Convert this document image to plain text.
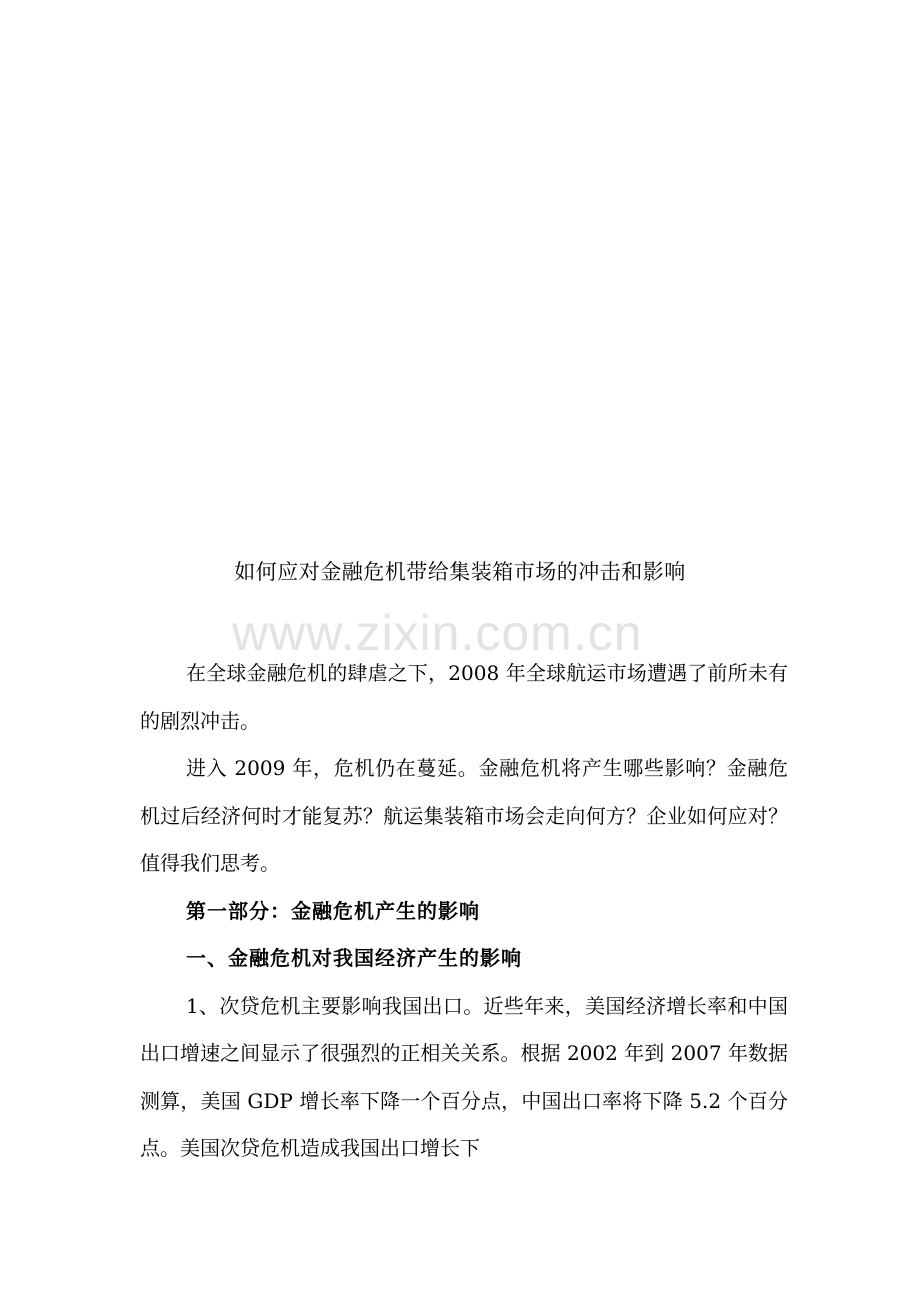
如何应对金融危机带给集装箱市场的冲击和影响
www.zixin.com.cn

在全球金融危机的肆虐之下，2008 年全球航运市场遭遇了前所未有的剧烈冲击。

进入 2009 年，危机仍在蔓延。金融危机将产生哪些影响？金融危机过后经济何时才能复苏？航运集装箱市场会走向何方？企业如何应对？值得我们思考。

第一部分：金融危机产生的影响
一、金融危机对我国经济产生的影响

1、次贷危机主要影响我国出口。近些年来，美国经济增长率和中国出口增速之间显示了很强烈的正相关关系。根据 2002 年到 2007 年数据测算，美国 GDP 增长率下降一个百分点，中国出口率将下降 5.2 个百分点。美国次贷危机造成我国出口增长下
